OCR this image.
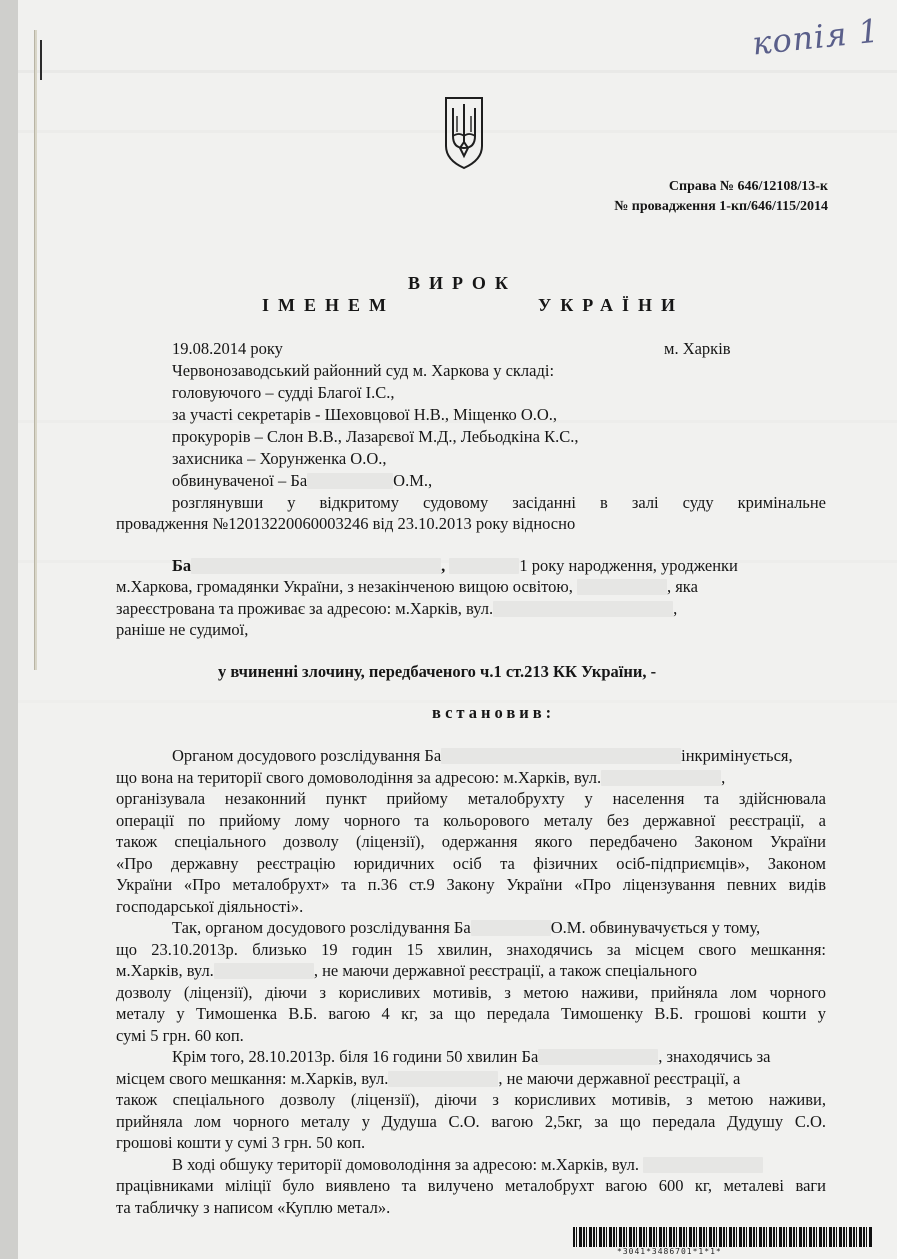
копія 1
Справа № 646/12108/13-к
№ провадження 1-кп/646/115/2014
ВИРОК
ІМЕНЕМ	УКРАЇНИ
19.08.2014 року	м. Харків
Червонозаводський районний суд м. Харкова у складі:
головуючого – судді Благої І.С.,
за участі секретарів - Шеховцової Н.В., Міщенко О.О.,
прокурорів – Слон В.В., Лазарєвої М.Д., Лебьодкіна К.С.,
захисника – Хорунженка О.О.,
обвинуваченої – Ба	О.М.,
розглянувши у відкритому судовому засіданні в залі суду кримінальне
провадження №12013220060003246 від 23.10.2013 року відносно
Ба	,	1 року народження, уродженки
м.Харкова, громадянки України, з незакінченою вищою освітою,	, яка
зареєстрована та проживає за адресою: м.Харків, вул.	,
раніше не судимої,
у вчиненні злочину, передбаченого ч.1 ст.213 КК України, -
встановив:
Органом досудового розслідування Ба	інкримінується,
що вона на території свого домоволодіння за адресою: м.Харків, вул.	,
організувала незаконний пункт прийому металобрухту у населення та здійснювала
операції по прийому лому чорного та кольорового металу без державної реєстрації, а
також спеціального дозволу (ліцензії), одержання якого передбачено Законом України
«Про державну реєстрацію юридичних осіб та фізичних осіб-підприємців», Законом
України «Про металобрухт» та п.36 ст.9 Закону України «Про ліцензування певних видів
господарської діяльності».
Так, органом досудового розслідування Ба	О.М. обвинувачується у тому,
що 23.10.2013р. близько 19 годин 15 хвилин, знаходячись за місцем свого мешкання:
м.Харків, вул.	, не маючи державної реєстрації, а також спеціального
дозволу (ліцензії), діючи з корисливих мотивів, з метою наживи, прийняла лом чорного
металу у Тимошенка В.Б. вагою 4 кг, за що передала Тимошенку В.Б. грошові кошти у
сумі 5 грн. 60 коп.
Крім того, 28.10.2013р. біля 16 години 50 хвилин Ба	, знаходячись за
місцем свого мешкання: м.Харків, вул.	, не маючи державної реєстрації, а
також спеціального дозволу (ліцензії), діючи з корисливих мотивів, з метою наживи,
прийняла лом чорного металу у Дудуша С.О. вагою 2,5кг, за що передала Дудушу С.О.
грошові кошти у сумі 3 грн. 50 коп.
В ході обшуку території домоволодіння за адресою: м.Харків, вул.
працівниками міліції було виявлено та вилучено металобрухт вагою 600 кг, металеві ваги
та табличку з написом «Куплю метал».
*3041*3486701*1*1*
